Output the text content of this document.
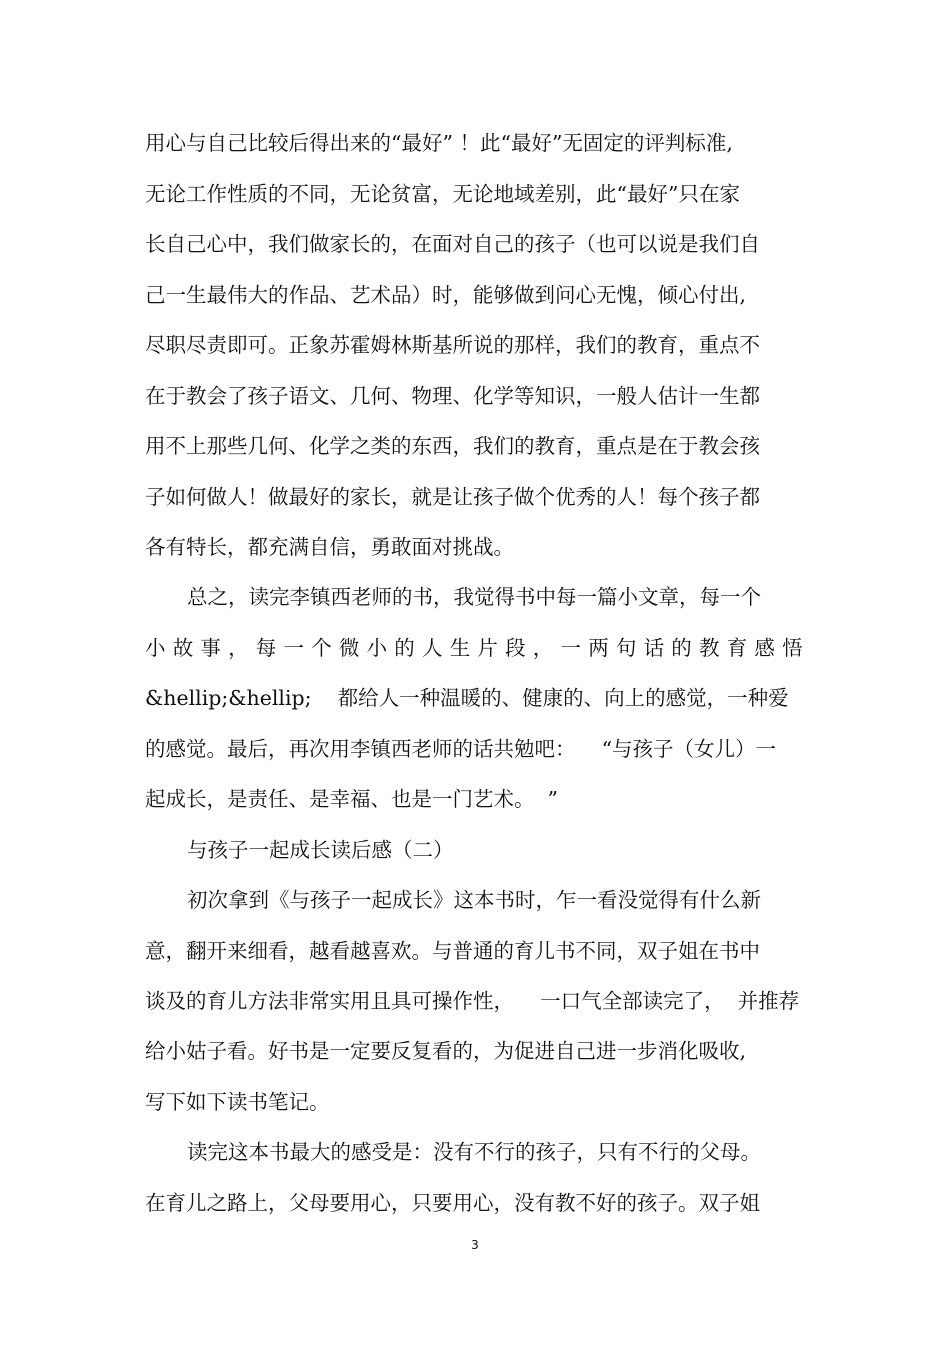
用心与自己比较后得出来的“最好” ！此“最好”无固定的评判标准,
无论工作性质的不同，无论贫富，无论地域差别，此“最好”只在家
长自己心中，我们做家长的，在面对自己的孩子（也可以说是我们自
己一生最伟大的作品、艺术品）时，能够做到问心无愧，倾心付出,
尽职尽责即可。正象苏霍姆林斯基所说的那样，我们的教育，重点不
在于教会了孩子语文、几何、物理、化学等知识，一般人估计一生都
用不上那些几何、化学之类的东西，我们的教育，重点是在于教会孩
子如何做人！做最好的家长，就是让孩子做个优秀的人！每个孩子都
各有特长，都充满自信，勇敢面对挑战。
总之，读完李镇西老师的书，我觉得书中每一篇小文章，每一个
小故事，每一个微小的人生片段，一两句话的教育感悟
&hellip;&hellip;    都给人一种温暖的、健康的、向上的感觉，一种爱
的感觉。最后，再次用李镇西老师的话共勉吧：    “与孩子（女儿）一
起成长，是责任、是幸福、也是一门艺术。  ”
与孩子一起成长读后感（二）
初次拿到《与孩子一起成长》这本书时，乍一看没觉得有什么新
意，翻开来细看，越看越喜欢。与普通的育儿书不同，双子姐在书中
谈及的育儿方法非常实用且具可操作性，    一口气全部读完了，  并推荐
给小姑子看。好书是一定要反复看的，为促进自己进一步消化吸收,
写下如下读书笔记。
读完这本书最大的感受是：没有不行的孩子，只有不行的父母。
在育儿之路上，父母要用心，只要用心，没有教不好的孩子。双子姐
3
